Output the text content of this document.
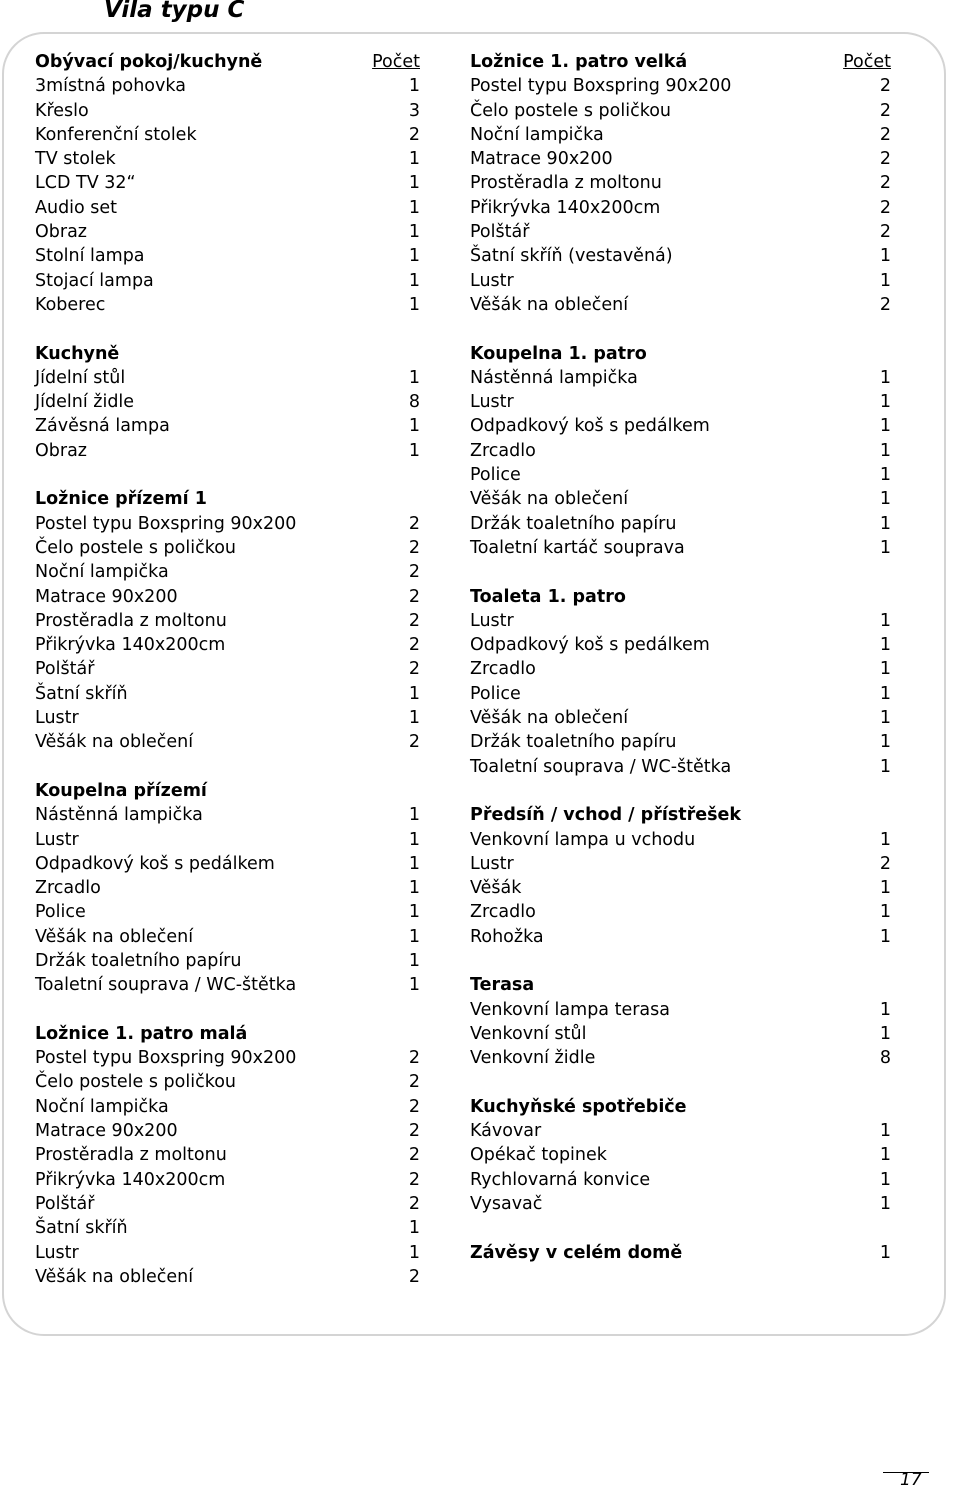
Vila typu C
Obývací pokoj/kuchyně	Počet
3místná pohovka	1
Křeslo	3
Konferenční stolek	2
TV stolek	1
LCD TV 32“	1
Audio set	1
Obraz	1
Stolní lampa	1
Stojací lampa	1
Koberec	1
Kuchyně
Jídelní stůl	1
Jídelní židle	8
Závěsná lampa	1
Obraz	1
Ložnice přízemí 1
Postel typu Boxspring 90x200	2
Čelo postele s poličkou	2
Noční lampička	2
Matrace 90x200	2
Prostěradla z moltonu	2
Přikrývka 140x200cm	2
Polštář	2
Šatní skříň	1
Lustr	1
Věšák na oblečení	2
Koupelna přízemí
Nástěnná lampička	1
Lustr	1
Odpadkový koš s pedálkem	1
Zrcadlo	1
Police	1
Věšák na oblečení	1
Držák toaletního papíru	1
Toaletní souprava / WC-štětka	1
Ložnice 1. patro malá
Postel typu Boxspring 90x200	2
Čelo postele s poličkou	2
Noční lampička	2
Matrace 90x200	2
Prostěradla z moltonu	2
Přikrývka 140x200cm	2
Polštář	2
Šatní skříň	1
Lustr	1
Věšák na oblečení	2
Ložnice 1. patro velká	Počet
Postel typu Boxspring 90x200	2
Čelo postele s poličkou	2
Noční lampička	2
Matrace 90x200	2
Prostěradla z moltonu	2
Přikrývka 140x200cm	2
Polštář	2
Šatní skříň (vestavěná)	1
Lustr	1
Věšák na oblečení	2
Koupelna 1. patro
Nástěnná lampička	1
Lustr	1
Odpadkový koš s pedálkem	1
Zrcadlo	1
Police	1
Věšák na oblečení	1
Držák toaletního papíru	1
Toaletní kartáč souprava	1
Toaleta 1. patro
Lustr	1
Odpadkový koš s pedálkem	1
Zrcadlo	1
Police	1
Věšák na oblečení	1
Držák toaletního papíru	1
Toaletní souprava / WC-štětka	1
Předsíň / vchod / přístřešek
Venkovní lampa u vchodu	1
Lustr	2
Věšák	1
Zrcadlo	1
Rohožka	1
Terasa
Venkovní lampa terasa	1
Venkovní stůl	1
Venkovní židle	8
Kuchyňské spotřebiče
Kávovar	1
Opékač topinek	1
Rychlovarná konvice	1
Vysavač	1
Závěsy v celém domě	1
17
